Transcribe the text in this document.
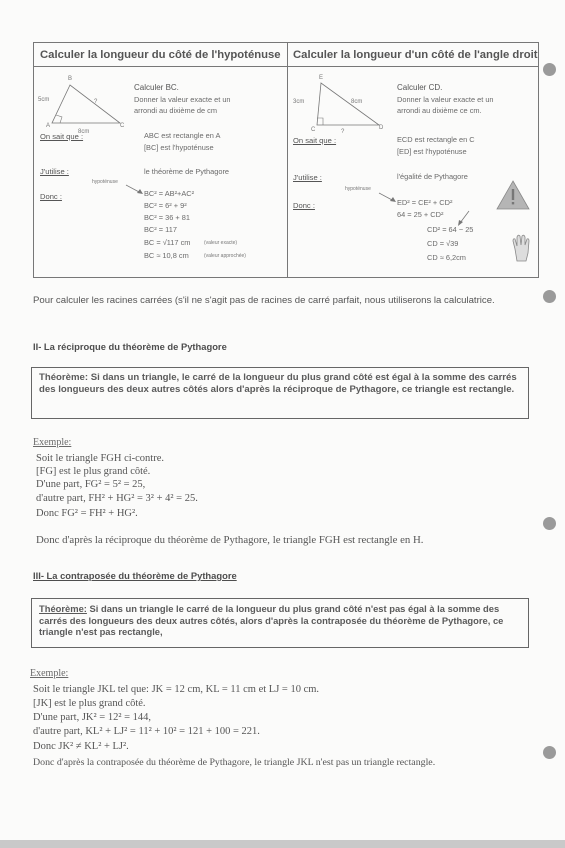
Calculer la longueur du côté de l'hypoténuse
B
A	C
5cm
8cm
?
Calculer BC.
Donner la valeur exacte et un
arrondi au dixième de cm
On sait que :	ABC est rectangle en A
[BC] est l'hypoténuse
J'utilise :	le théorème de Pythagore
hypoténuse
Donc :	BC² = AB²+AC²
BC² = 6² + 9²
BC² = 36 + 81
BC² = 117
BC = √117 cm
BC ≈ 10,8 cm
(valeur exacte)
(valeur approchée)
Calculer la longueur d'un côté de l'angle droit
E
C	D
3cm	8cm
?
Calculer CD.
Donner la valeur exacte et un
arrondi au dixième ce cm.
On sait que :	ECD est rectangle en C
[ED] est l'hypoténuse
J'utilise :	l'égalité de Pythagore
hypoténuse
Donc :	ED² = CE² + CD²
64 = 25 + CD²
CD² = 64 − 25
CD = √39
CD ≈ 6,2cm
Pour calculer les racines carrées (s'il ne s'agit pas de racines de carré parfait, nous utiliserons la calculatrice.
II- La réciproque du théorème de Pythagore
Théorème: Si dans un triangle, le carré de la longueur du plus grand côté est égal à la somme des carrés des longueurs des deux autres côtés alors d'après la réciproque de Pythagore, ce triangle est rectangle.
Exemple:
Soit le triangle FGH ci-contre.
[FG] est le plus grand côté.
D'une part, FG² = 5² = 25,
d'autre part, FH² + HG² = 3² + 4² = 25.
Donc FG² = FH² + HG².
Donc d'après la réciproque du théorème de Pythagore, le triangle FGH est rectangle en H.
III- La contraposée du théorème de Pythagore
Théorème: Si dans un triangle le carré de la longueur du plus grand côté n'est pas égal à la somme des carrés des longueurs des deux autres côtés, alors d'après la contraposée du théorème de Pythagore, ce triangle n'est pas rectangle,
Exemple:
Soit le triangle JKL tel que: JK = 12 cm, KL = 11 cm et LJ = 10 cm.
[JK] est le plus grand côté.
D'une part, JK² = 12² = 144,
d'autre part, KL² + LJ² = 11² + 10² = 121 + 100 = 221.
Donc JK² ≠ KL² + LJ².
Donc d'après la contraposée du théorème de Pythagore, le triangle JKL n'est pas un triangle rectangle.
